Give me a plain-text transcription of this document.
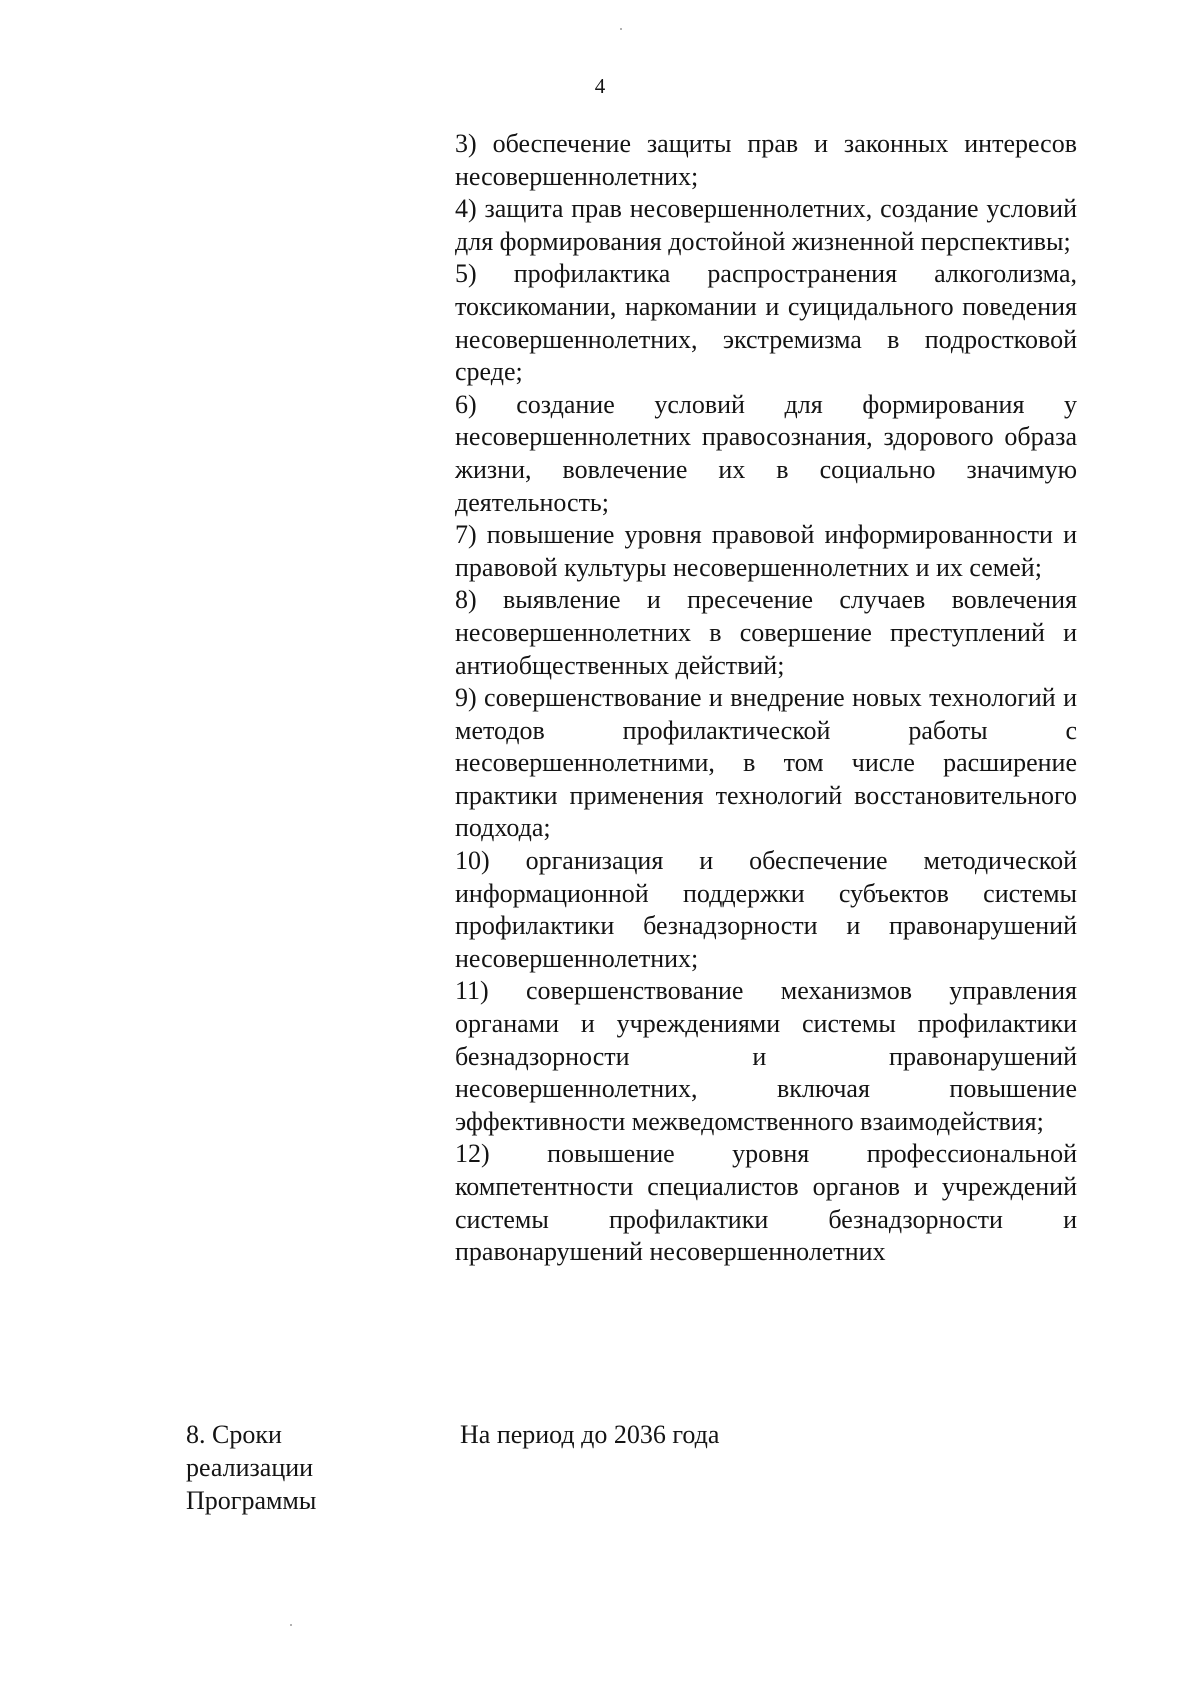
4

3) обеспечение защиты прав и законных интересов несовершеннолетних;

4) защита прав несовершеннолетних, создание условий для формирования достойной жизненной перспективы;

5) профилактика распространения алкоголизма, токсикомании, наркомании и суицидального поведения несовершеннолетних, экстремизма в подростковой среде;

6) создание условий для формирования у несовершеннолетних правосознания, здорового образа жизни, вовлечение их в социально значимую деятельность;

7) повышение уровня правовой информированности и правовой культуры несовершеннолетних и их семей;

8) выявление и пресечение случаев вовлечения несовершеннолетних в совершение преступлений и антиобщественных действий;

9) совершенствование и внедрение новых технологий и методов профилактической работы с несовершеннолетними, в том числе расширение практики применения технологий восстановительного подхода;

10) организация и обеспечение методической информационной поддержки субъектов системы профилактики безнадзорности и правонарушений несовершеннолетних;

11) совершенствование механизмов управления органами и учреждениями системы профилактики безнадзорности и правонарушений несовершеннолетних, включая повышение эффективности межведомственного взаимодействия;

12) повышение уровня профессиональной компетентности специалистов органов и учреждений системы профилактики безнадзорности и правонарушений несовершеннолетних

8. Сроки
реализации
Программы
На период до 2036 года
